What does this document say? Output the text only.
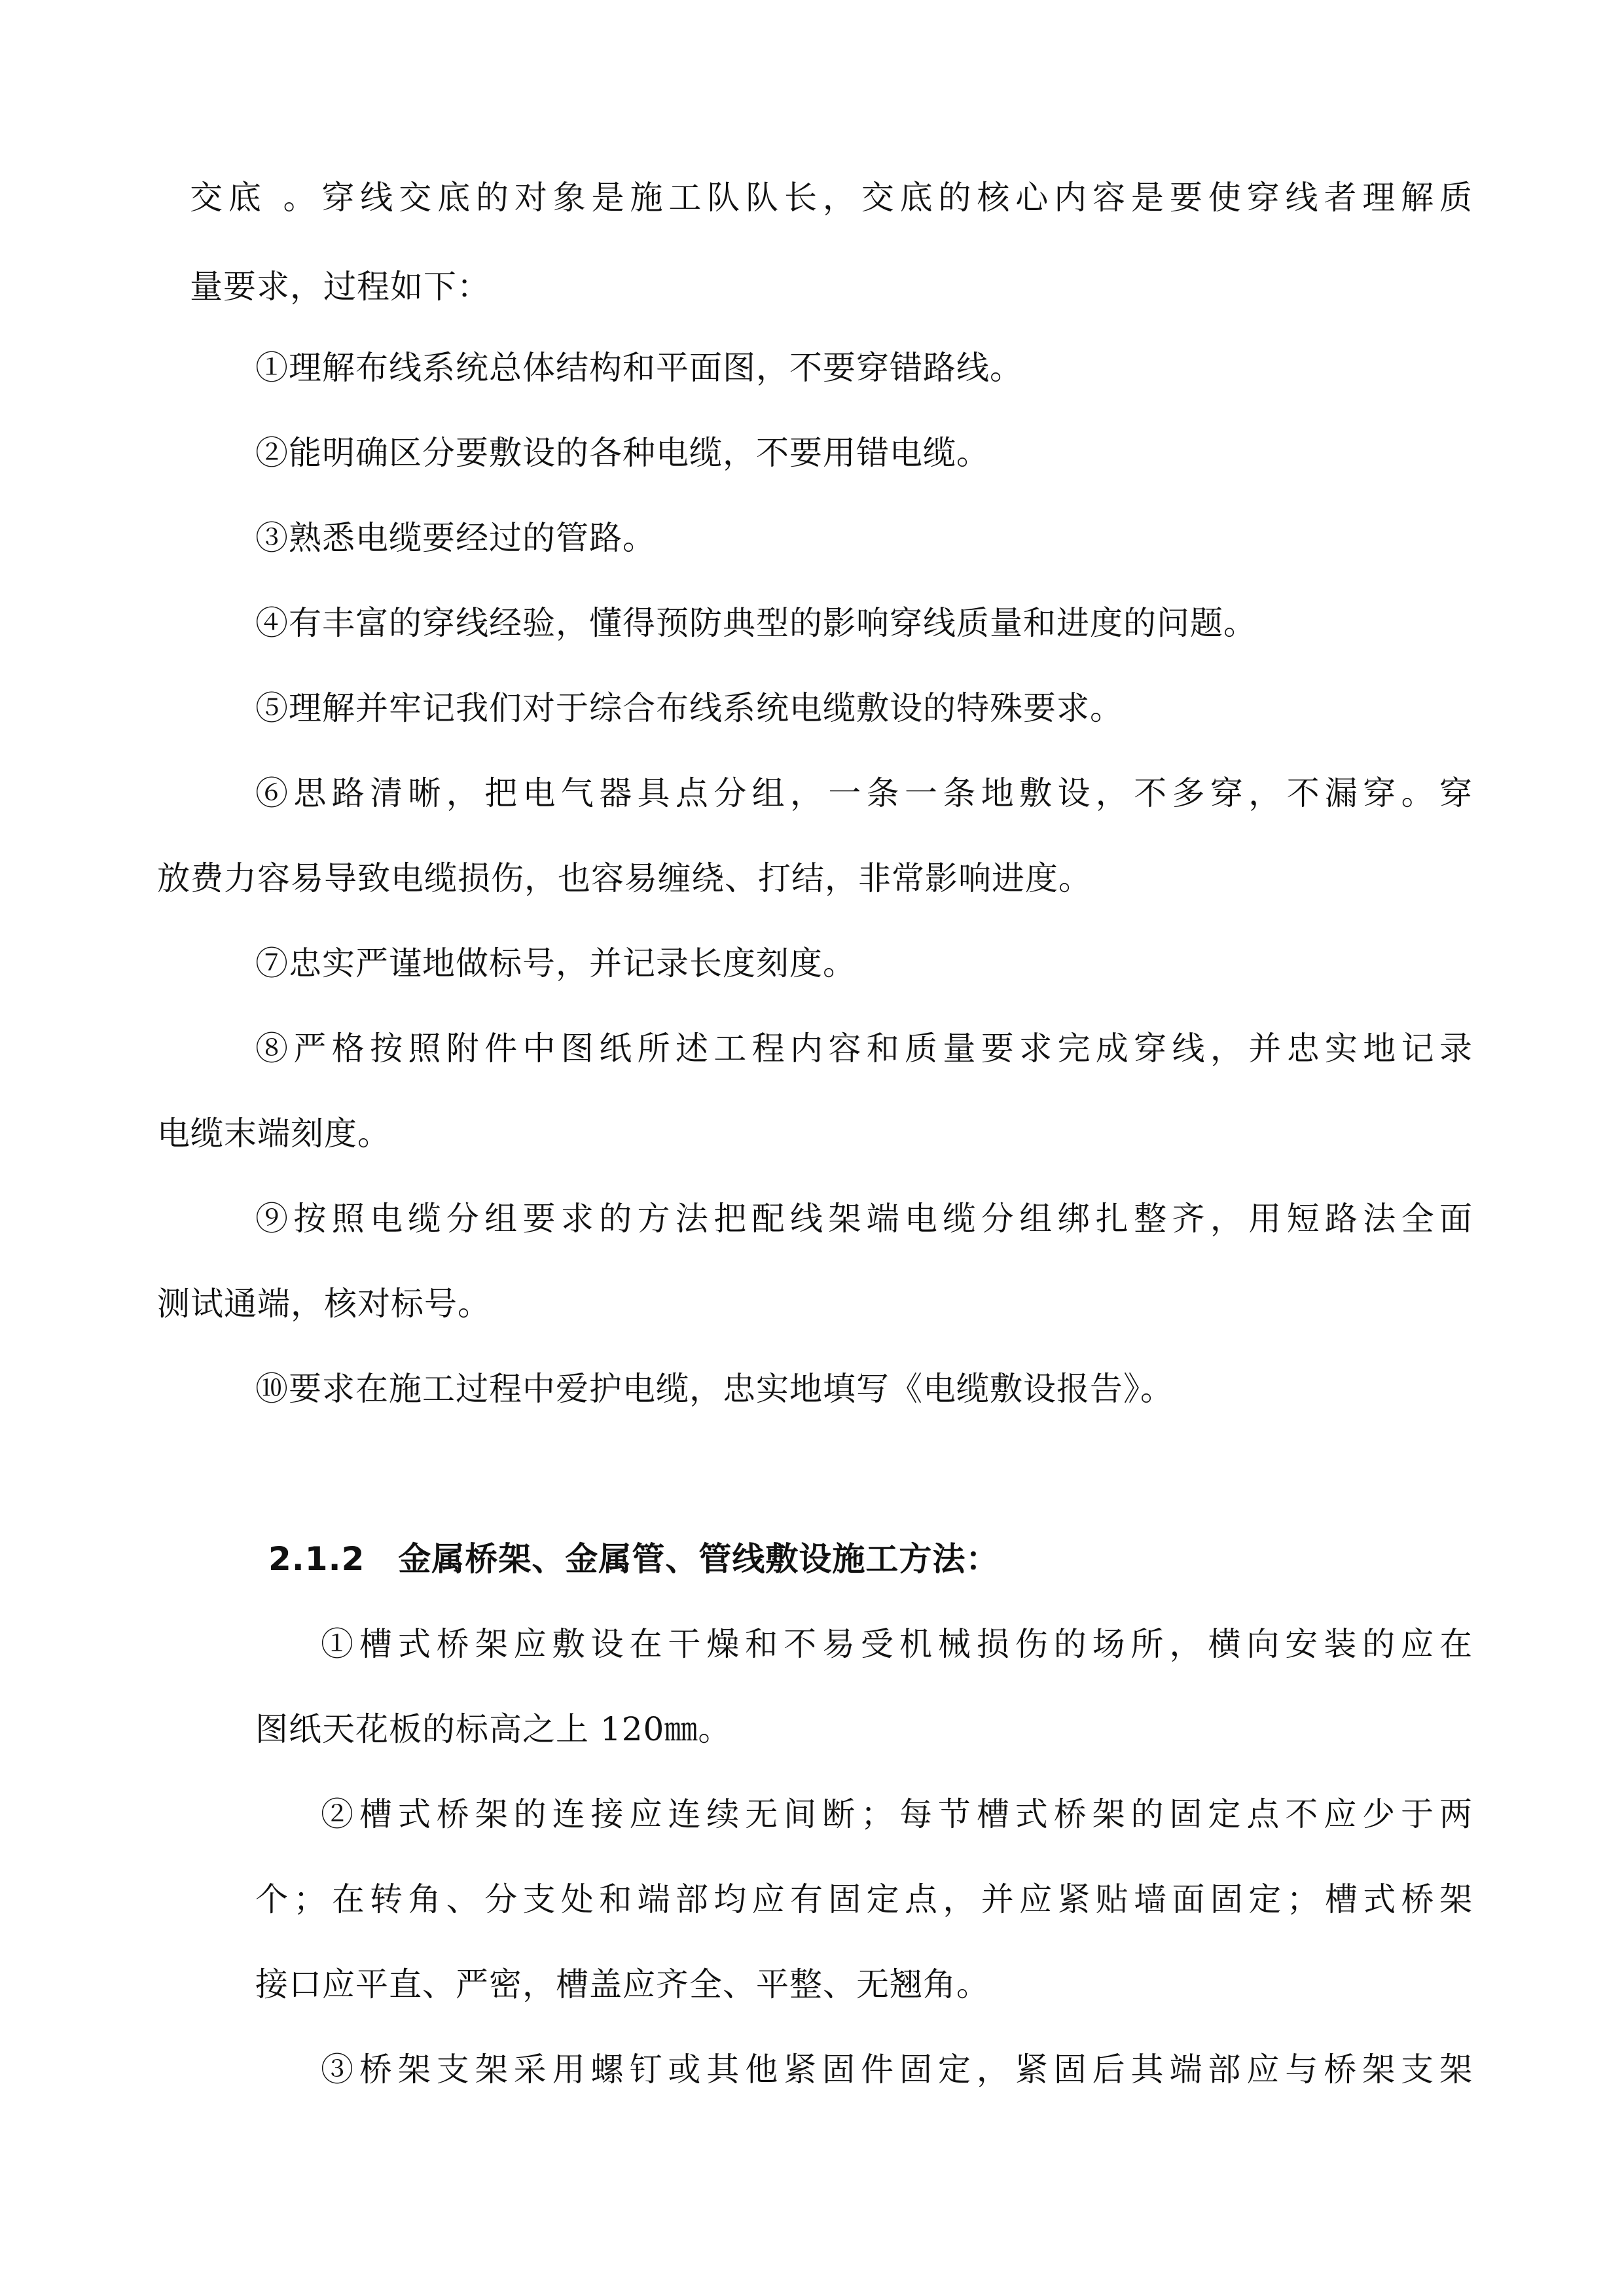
交底 。穿线交底的对象是施工队队长，交底的核心内容是要使穿线者理解质
量要求，过程如下：
①理解布线系统总体结构和平面图，不要穿错路线。
②能明确区分要敷设的各种电缆，不要用错电缆。
③熟悉电缆要经过的管路。
④有丰富的穿线经验，懂得预防典型的影响穿线质量和进度的问题。
⑤理解并牢记我们对于综合布线系统电缆敷设的特殊要求。
⑥思路清晰，把电气器具点分组，一条一条地敷设，不多穿，不漏穿。穿
放费力容易导致电缆损伤，也容易缠绕、打结，非常影响进度。
⑦忠实严谨地做标号，并记录长度刻度。
⑧严格按照附件中图纸所述工程内容和质量要求完成穿线，并忠实地记录
电缆末端刻度。
⑨按照电缆分组要求的方法把配线架端电缆分组绑扎整齐，用短路法全面
测试通端，核对标号。
⑩要求在施工过程中爱护电缆，忠实地填写《电缆敷设报告》。
2.1.2　金属桥架、金属管、管线敷设施工方法：
①槽式桥架应敷设在干燥和不易受机械损伤的场所，横向安装的应在
图纸天花板的标高之上 120㎜。
②槽式桥架的连接应连续无间断；每节槽式桥架的固定点不应少于两
个；在转角、分支处和端部均应有固定点，并应紧贴墙面固定；槽式桥架
接口应平直、严密，槽盖应齐全、平整、无翘角。
③桥架支架采用螺钉或其他紧固件固定，紧固后其端部应与桥架支架
